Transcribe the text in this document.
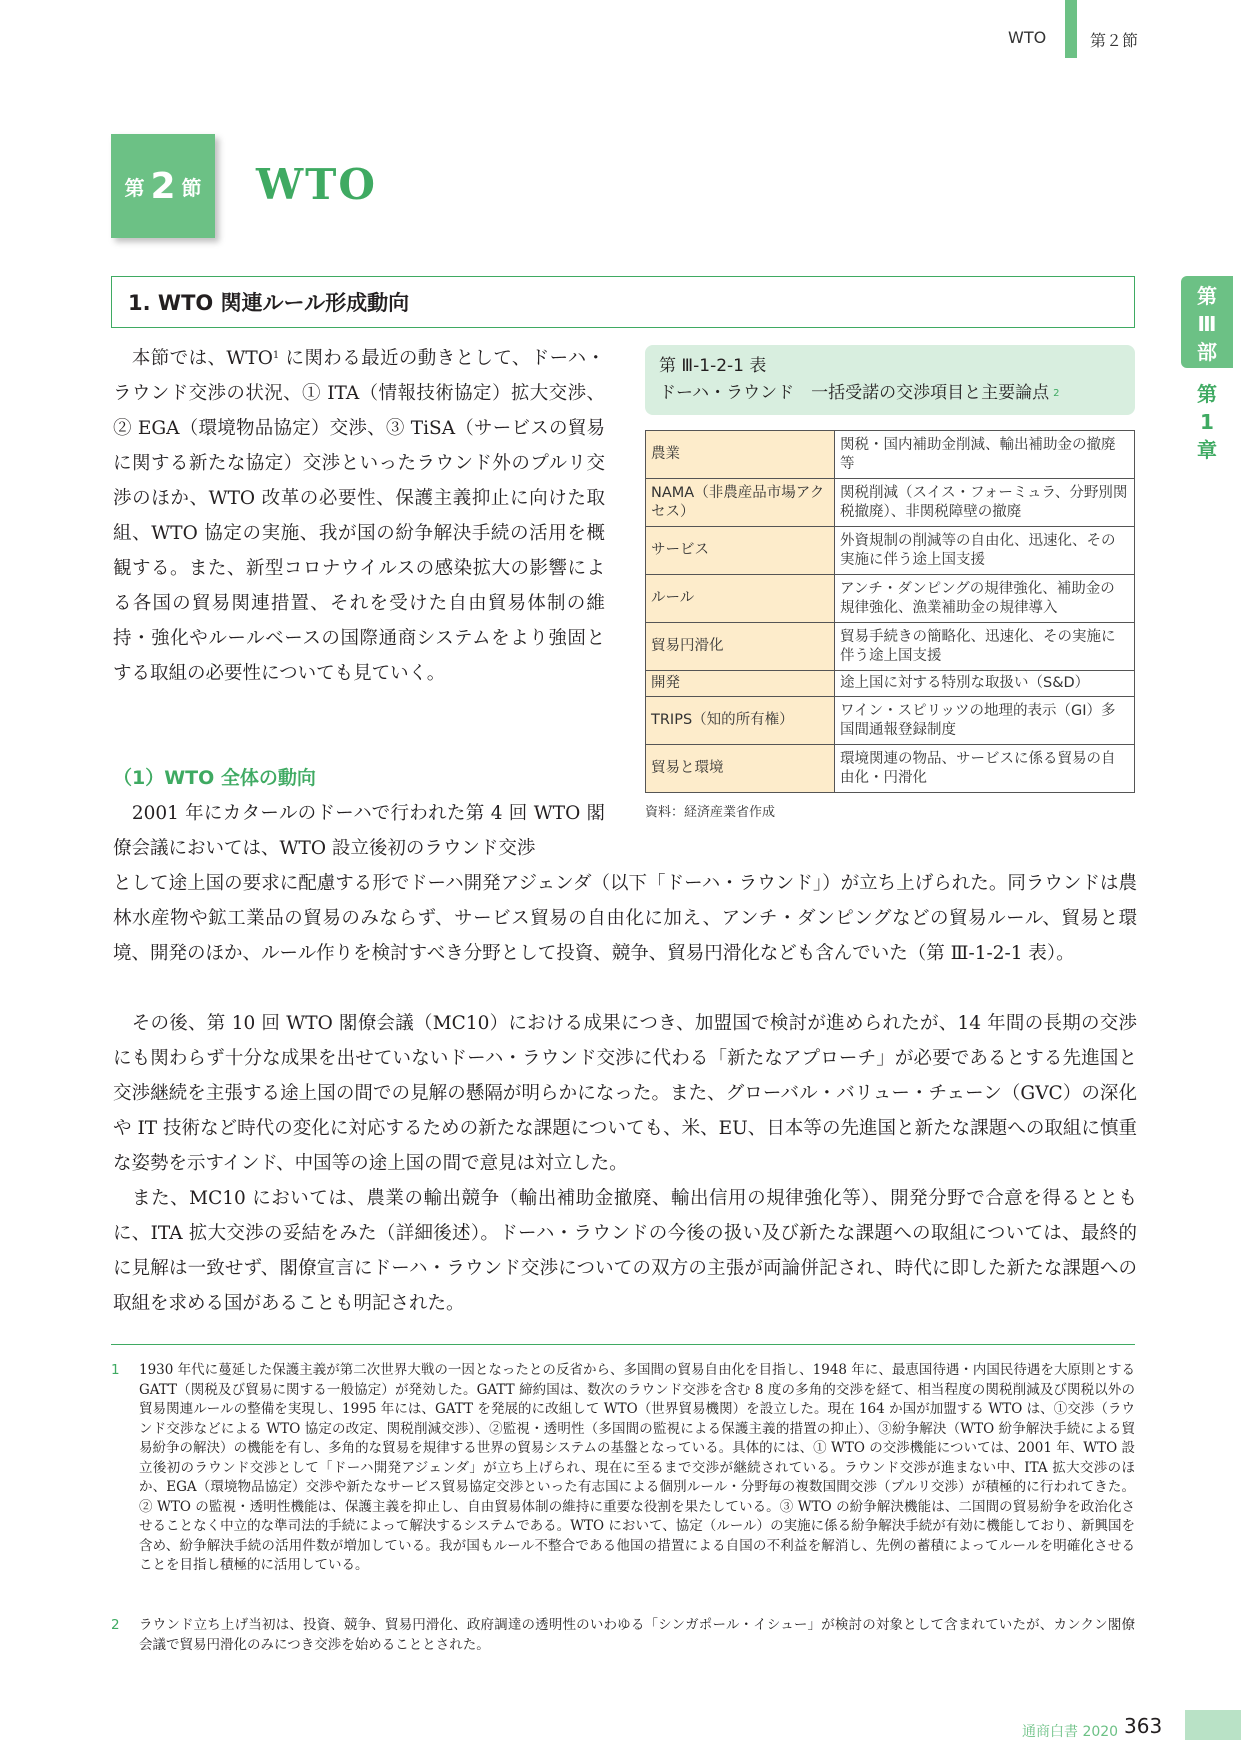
WTO	第２節
第
Ⅲ
部
第
1
章
第 2 節 WTO
1. WTO 関連ルール形成動向

　本節では、WTO$^1$ に関わる最近の動きとして、ドーハ・ラウンド交渉の状況、① ITA（情報技術協定）拡大交渉、② EGA（環境物品協定）交渉、③ TiSA（サービスの貿易に関する新たな協定）交渉といったラウンド外のプルリ交渉のほか、WTO 改革の必要性、保護主義抑止に向けた取組、WTO 協定の実施、我が国の紛争解決手続の活用を概観する。また、新型コロナウイルスの感染拡大の影響による各国の貿易関連措置、それを受けた自由貿易体制の維持・強化やルールベースの国際通商システムをより強固とする取組の必要性についても見ていく。

（1）WTO 全体の動向

　2001 年にカタールのドーハで行われた第 4 回 WTO 閣僚会議においては、WTO 設立後初のラウンド交渉

として途上国の要求に配慮する形でドーハ開発アジェンダ（以下「ドーハ・ラウンド」）が立ち上げられた。同ラウンドは農林水産物や鉱工業品の貿易のみならず、サービス貿易の自由化に加え、アンチ・ダンピングなどの貿易ルール、貿易と環境、開発のほか、ルール作りを検討すべき分野として投資、競争、貿易円滑化なども含んでいた（第 Ⅲ-1-2-1 表）。

　その後、第 10 回 WTO 閣僚会議（MC10）における成果につき、加盟国で検討が進められたが、14 年間の長期の交渉にも関わらず十分な成果を出せていないドーハ・ラウンド交渉に代わる「新たなアプローチ」が必要であるとする先進国と交渉継続を主張する途上国の間での見解の懸隔が明らかになった。また、グローバル・バリュー・チェーン（GVC）の深化や IT 技術など時代の変化に対応するための新たな課題についても、米、EU、日本等の先進国と新たな課題への取組に慎重な姿勢を示すインド、中国等の途上国の間で意見は対立した。

　また、MC10 においては、農業の輸出競争（輸出補助金撤廃、輸出信用の規律強化等）、開発分野で合意を得るとともに、ITA 拡大交渉の妥結をみた（詳細後述）。ドーハ・ラウンドの今後の扱い及び新たな課題への取組については、最終的に見解は一致せず、閣僚宣言にドーハ・ラウンド交渉についての双方の主張が両論併記され、時代に即した新たな課題への取組を求める国があることも明記された。

第 Ⅲ-1-2-1 表
ドーハ・ラウンド　一括受諾の交渉項目と主要論点 $^2$
農業	関税・国内補助金削減、輸出補助金の撤廃等
NAMA（非農産品市場アクセス）	関税削減（スイス・フォーミュラ、分野別関税撤廃）、非関税障壁の撤廃
サービス	外資規制の削減等の自由化、迅速化、その実施に伴う途上国支援
ルール	アンチ・ダンピングの規律強化、補助金の規律強化、漁業補助金の規律導入
貿易円滑化	貿易手続きの簡略化、迅速化、その実施に伴う途上国支援
開発	途上国に対する特別な取扱い（S&D）
TRIPS（知的所有権）	ワイン・スピリッツの地理的表示（GI）多国間通報登録制度
貿易と環境	環境関連の物品、サービスに係る貿易の自由化・円滑化
資料：経済産業省作成
1	1930 年代に蔓延した保護主義が第二次世界大戦の一因となったとの反省から、多国間の貿易自由化を目指し、1948 年に、最恵国待遇・内国民待遇を大原則とする GATT（関税及び貿易に関する一般協定）が発効した。GATT 締約国は、数次のラウンド交渉を含む 8 度の多角的交渉を経て、相当程度の関税削減及び関税以外の貿易関連ルールの整備を実現し、1995 年には、GATT を発展的に改組して WTO（世界貿易機関）を設立した。現在 164 か国が加盟する WTO は、①交渉（ラウンド交渉などによる WTO 協定の改定、関税削減交渉）、②監視・透明性（多国間の監視による保護主義的措置の抑止）、③紛争解決（WTO 紛争解決手続による貿易紛争の解決）の機能を有し、多角的な貿易を規律する世界の貿易システムの基盤となっている。具体的には、① WTO の交渉機能については、2001 年、WTO 設立後初のラウンド交渉として「ドーハ開発アジェンダ」が立ち上げられ、現在に至るまで交渉が継続されている。ラウンド交渉が進まない中、ITA 拡大交渉のほか、EGA（環境物品協定）交渉や新たなサービス貿易協定交渉といった有志国による個別ルール・分野毎の複数国間交渉（プルリ交渉）が積極的に行われてきた。② WTO の監視・透明性機能は、保護主義を抑止し、自由貿易体制の維持に重要な役割を果たしている。③ WTO の紛争解決機能は、二国間の貿易紛争を政治化させることなく中立的な準司法的手続によって解決するシステムである。WTO において、協定（ルール）の実施に係る紛争解決手続が有効に機能しており、新興国を含め、紛争解決手続の活用件数が増加している。我が国もルール不整合である他国の措置による自国の不利益を解消し、先例の蓄積によってルールを明確化させることを目指し積極的に活用している。
2	ラウンド立ち上げ当初は、投資、競争、貿易円滑化、政府調達の透明性のいわゆる「シンガポール・イシュー」が検討の対象として含まれていたが、カンクン閣僚会議で貿易円滑化のみにつき交渉を始めることとされた。
通商白書 2020 363
